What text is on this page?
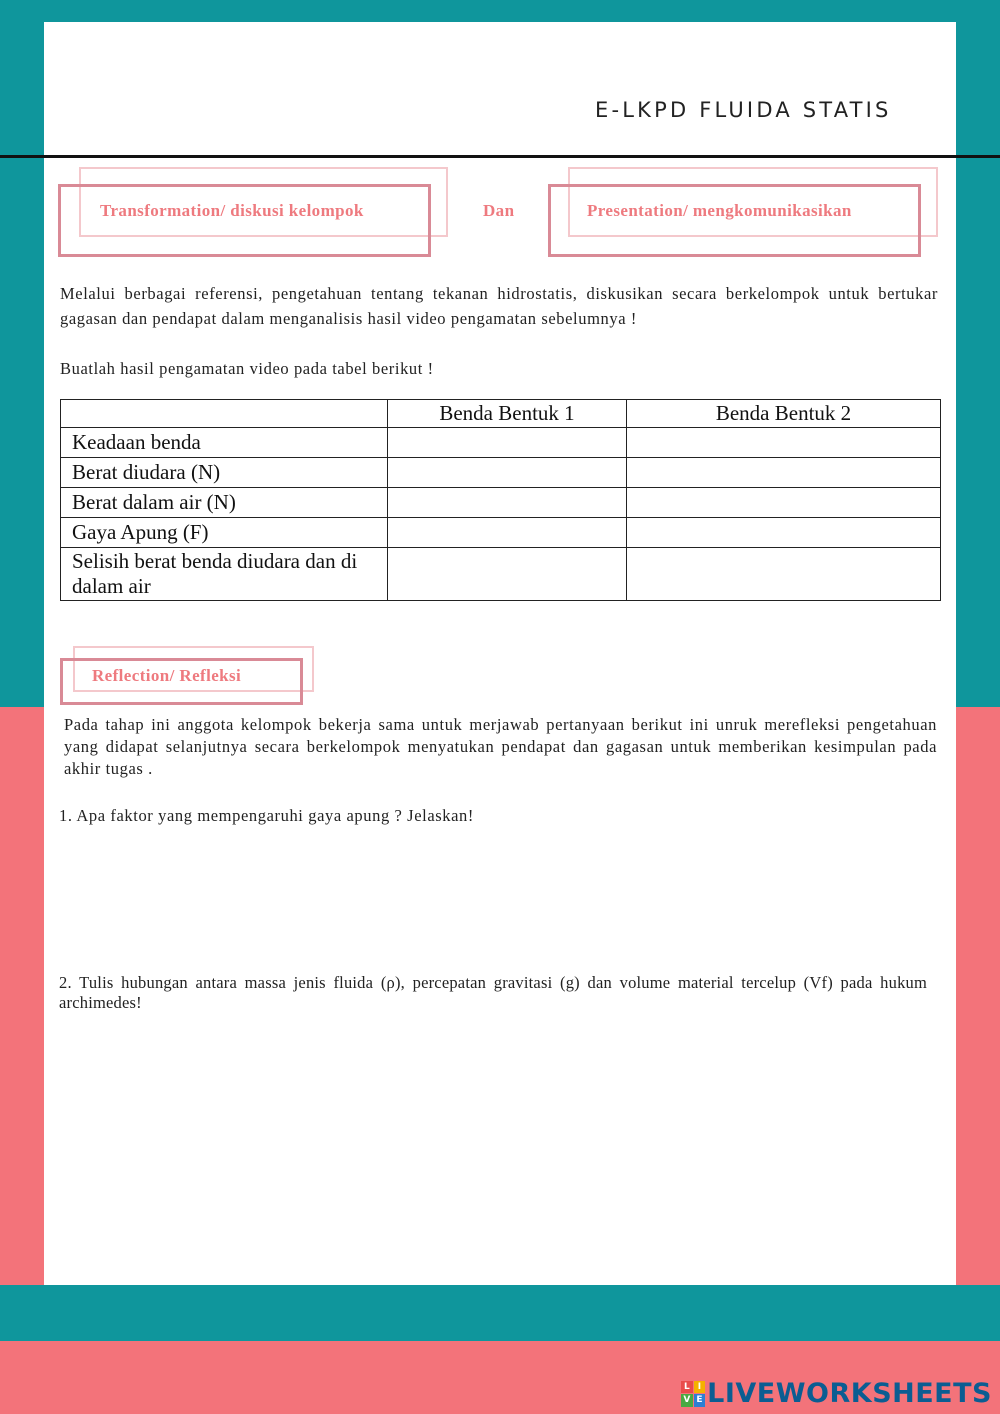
E-LKPD FLUIDA STATIS
Transformation/ diskusi kelompok	Dan	Presentation/ mengkomunikasikan
Melalui berbagai referensi, pengetahuan tentang tekanan hidrostatis, diskusikan secara berkelompok untuk bertukar gagasan dan pendapat dalam menganalisis hasil video pengamatan sebelumnya !
Buatlah hasil pengamatan video pada tabel berikut !
	Benda Bentuk 1	Benda Bentuk 2
Keadaan benda		
Berat diudara (N)		
Berat dalam air (N)		
Gaya Apung (F)		
Selisih berat benda diudara dan di dalam air		
Reflection/ Refleksi
Pada tahap ini anggota kelompok bekerja sama untuk merjawab pertanyaan berikut ini unruk merefleksi pengetahuan yang didapat selanjutnya secara berkelompok menyatukan pendapat dan gagasan untuk memberikan kesimpulan pada akhir tugas .
1. Apa faktor yang mempengaruhi gaya apung ? Jelaskan!
2. Tulis hubungan antara massa jenis fluida (ρ), percepatan gravitasi (g) dan volume material tercelup (Vf) pada hukum archimedes!
L I
V E LIVEWORKSHEETS
